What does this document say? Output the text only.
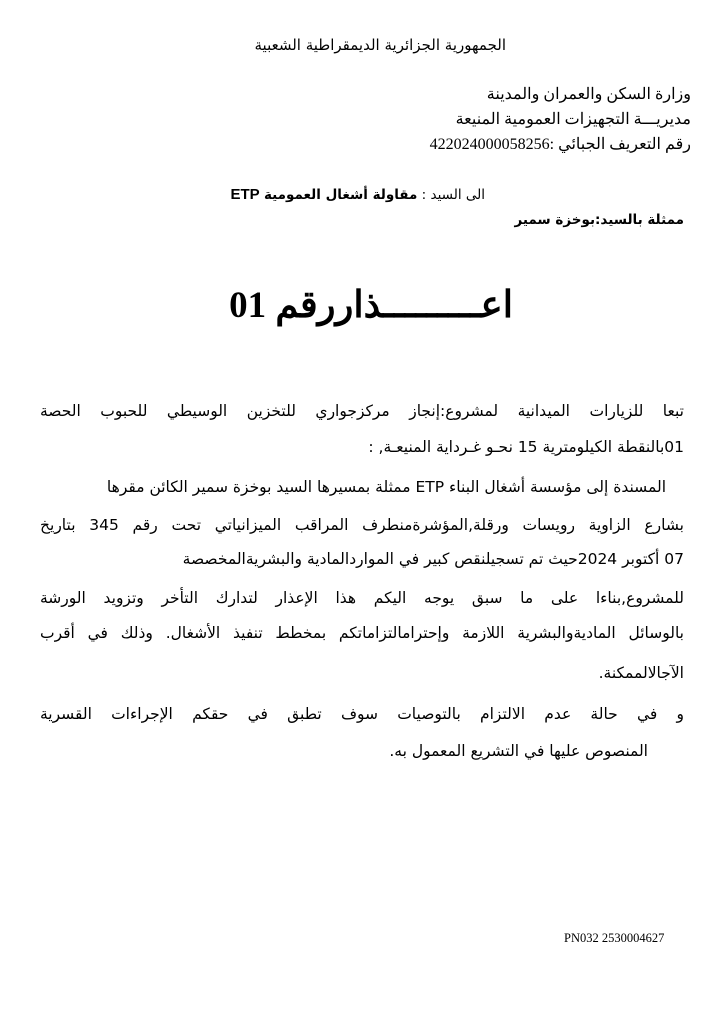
الجمهورية الجزائرية الديمقراطية الشعبية
وزارة السكن والعمران والمدينة
مديريـــة التجهيزات العمومية المنيعة
رقم التعريف الجبائي :422024000058256
الى السيد : مقاولة أشغال العمومية ETP
ممثلة بالسيد:بوخزة سمير
اعـــــــــذاررقم 01
تبعا للزيارات الميدانية لمشروع:إنجاز مركزجواري للتخزين الوسيطي للحبوب الحصة
01بالنقطة الكيلومترية 15 نحـو غـرداية المنيعـة, :
المسندة إلى مؤسسة أشغال البناء ETP ممثلة بمسيرها السيد بوخزة سمير الكائن مقرها
بشارع الزاوية رويسات ورقلة,المؤشرةمنطرف المراقب الميزانياتي تحت رقم 345 بتاريخ
07 أكتوبر 2024حيث تم تسجيلنقص كبير في المواردالمادية والبشريةالمخصصة
للمشروع,بناءا على ما سبق يوجه اليكم هذا الإعذار لتدارك التأخر وتزويد الورشة
بالوسائل الماديةوالبشرية اللازمة وإحترامالتزاماتكم بمخطط تنفيذ الأشغال. وذلك في أقرب
الآجالالممكنة.
و في حالة عدم الالتزام بالتوصيات سوف تطبق في حقكم الإجراءات القسرية
المنصوص عليها في التشريع المعمول به.
PN032 2530004627
